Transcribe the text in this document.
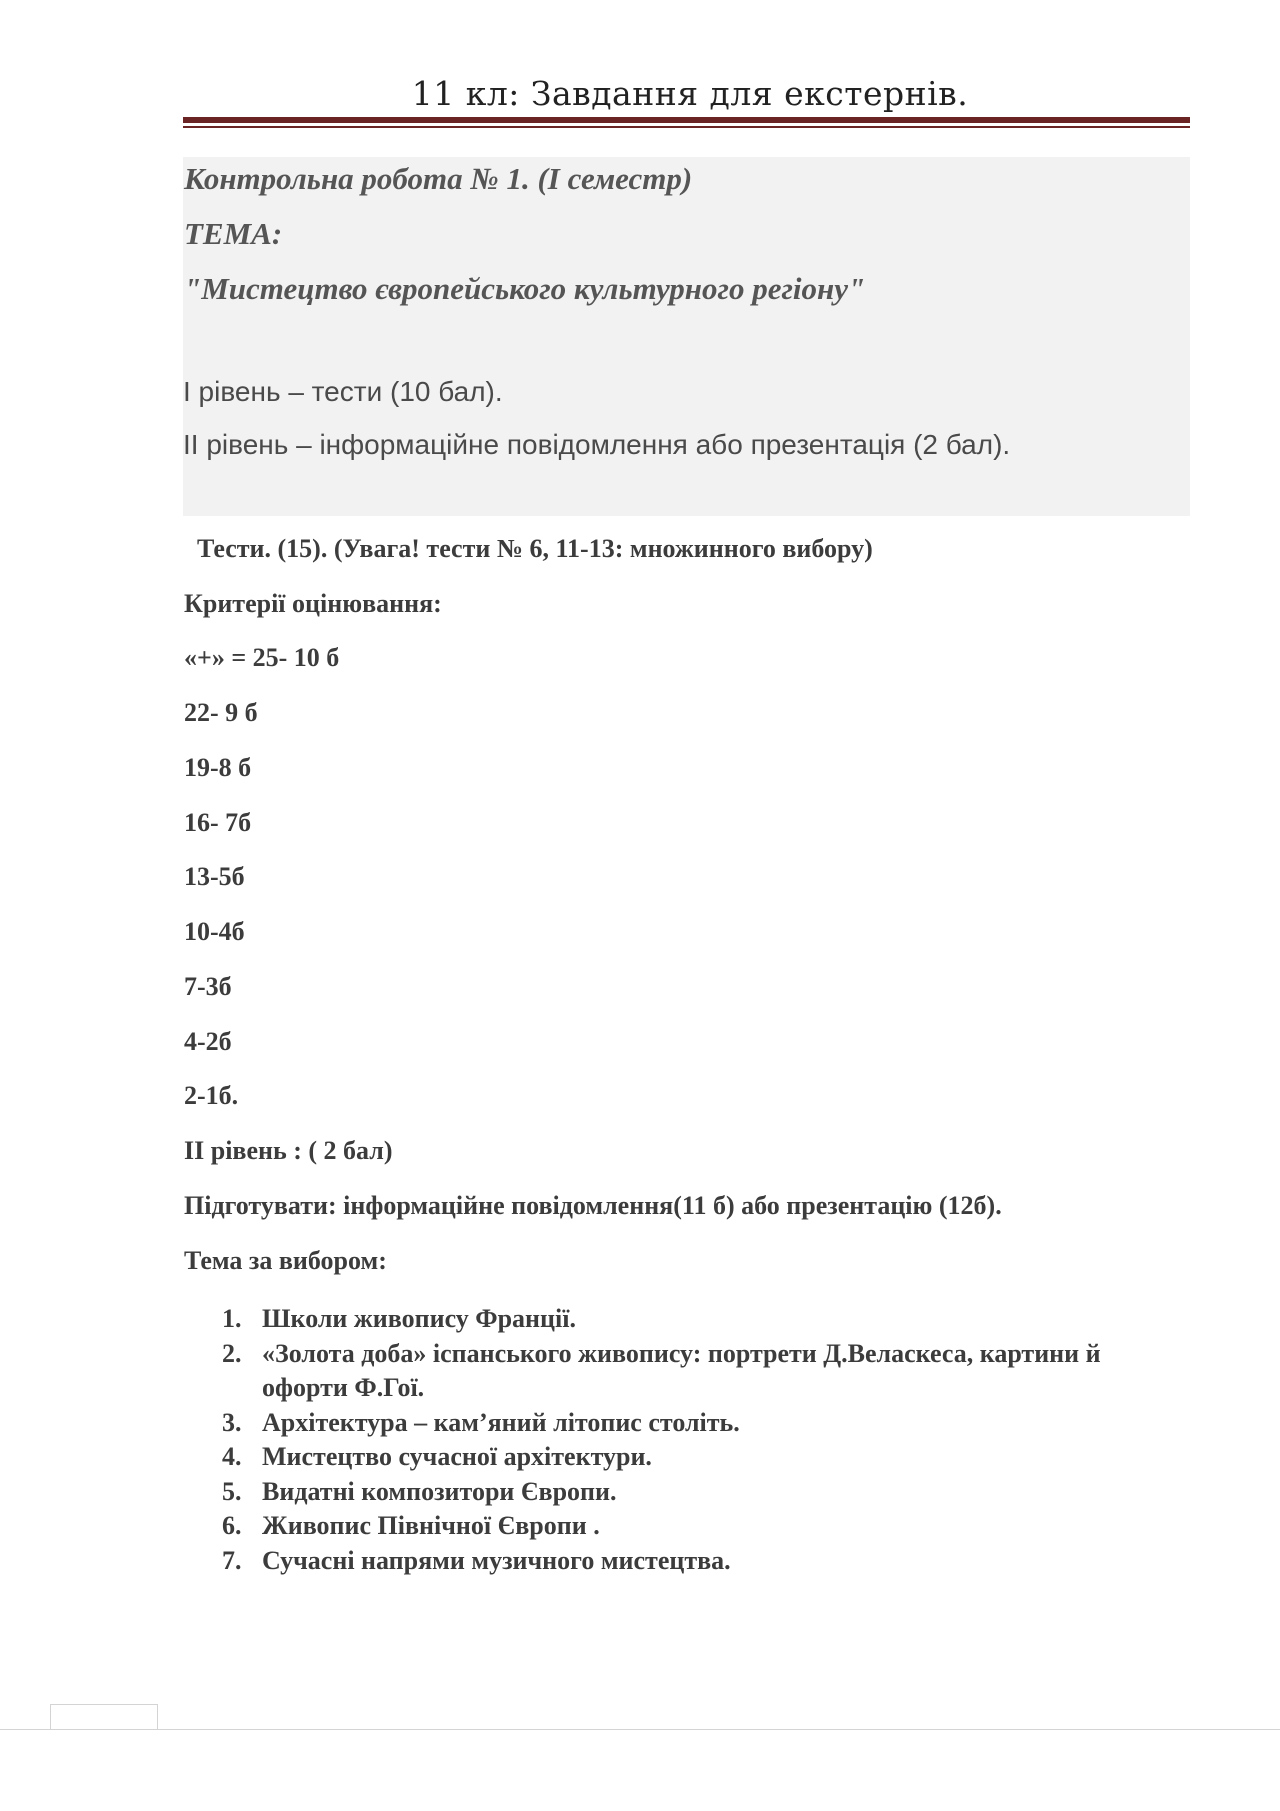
11 кл: Завдання для екстернів.

Контрольна робота № 1. (І семестр)

ТЕМА:

"Мистецтво європейського культурного регіону"

І рівень – тести (10 бал).

ІІ рівень – інформаційне повідомлення або презентація (2 бал).

Тести. (15). (Увага! тести № 6, 11-13: множинного вибору)

Критерії оцінювання:

«+» = 25- 10 б

22- 9 б

19-8 б

16- 7б

13-5б

10-4б

7-3б

4-2б

2-1б.

ІІ рівень : ( 2 бал)

Підготувати: інформаційне повідомлення(11 б) або презентацію (12б).

Тема за вибором:

1. Школи живопису Франції.
2. «Золота доба» іспанського живопису: портрети Д.Веласкеса, картини й офорти Ф.Гої.
3. Архітектура – кам’яний літопис століть.
4. Мистецтво сучасної архітектури.
5. Видатні композитори Європи.
6. Живопис Північної Європи .
7. Сучасні напрями музичного мистецтва.
